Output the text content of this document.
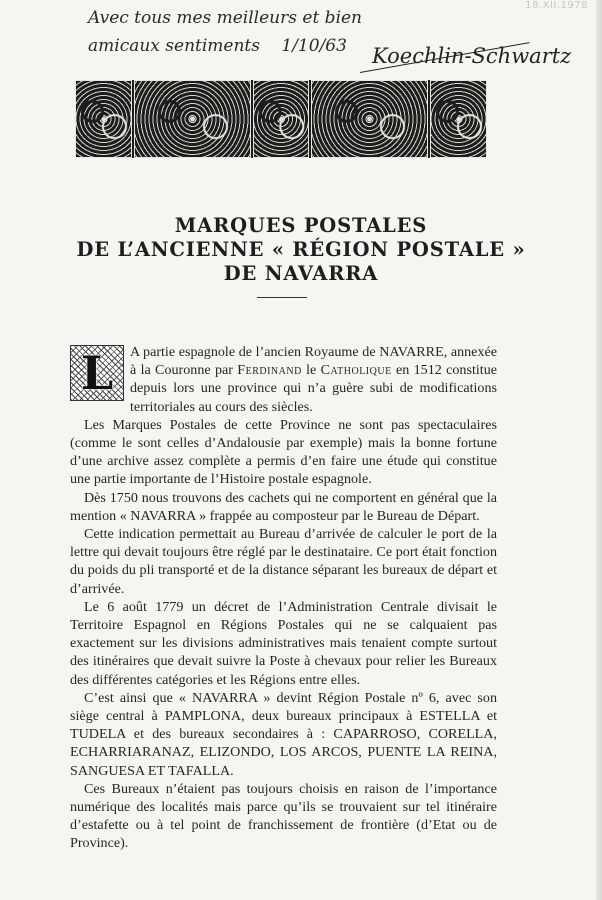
18.XII.1978
Avec tous mes meilleurs et bien
amicaux sentiments 1/10/63 Koechlin-Schwartz
MARQUES POSTALES
DE L’ANCIENNE « RÉGION POSTALE »
DE NAVARRA

L	A partie espagnole de l’ancien Royaume de NAVARRE, annexée à la Couronne par Ferdinand le Catholique en 1512 constitue depuis lors une province qui n’a guère subi de modifications territoriales au cours des siècles.

Les Marques Postales de cette Province ne sont pas spectaculaires (comme le sont celles d’Andalousie par exemple) mais la bonne fortune d’une archive assez complète a permis d’en faire une étude qui constitue une partie importante de l’Histoire postale espagnole.

Dès 1750 nous trouvons des cachets qui ne comportent en général que la mention « NAVARRA » frappée au composteur par le Bureau de Départ.

Cette indication permettait au Bureau d’arrivée de calculer le port de la lettre qui devait toujours être réglé par le destinataire. Ce port était fonction du poids du pli transporté et de la distance séparant les bureaux de départ et d’arrivée.

Le 6 août 1779 un décret de l’Administration Centrale divisait le Territoire Espagnol en Régions Postales qui ne se calquaient pas exactement sur les divisions administratives mais tenaient compte surtout des itinéraires que devait suivre la Poste à chevaux pour relier les Bureaux des différentes catégories et les Régions entre elles.

C’est ainsi que « NAVARRA » devint Région Postale nº 6, avec son siège central à PAMPLONA, deux bureaux principaux à ESTELLA et TUDELA et des bureaux secondaires à : CAPARROSO, CORELLA, ECHARRIARANAZ, ELIZONDO, LOS ARCOS, PUENTE LA REINA, SANGUESA ET TAFALLA.

Ces Bureaux n’étaient pas toujours choisis en raison de l’importance numérique des localités mais parce qu’ils se trouvaient sur tel itinéraire d’estafette ou à tel point de franchissement de frontière (d’Etat ou de Province).
